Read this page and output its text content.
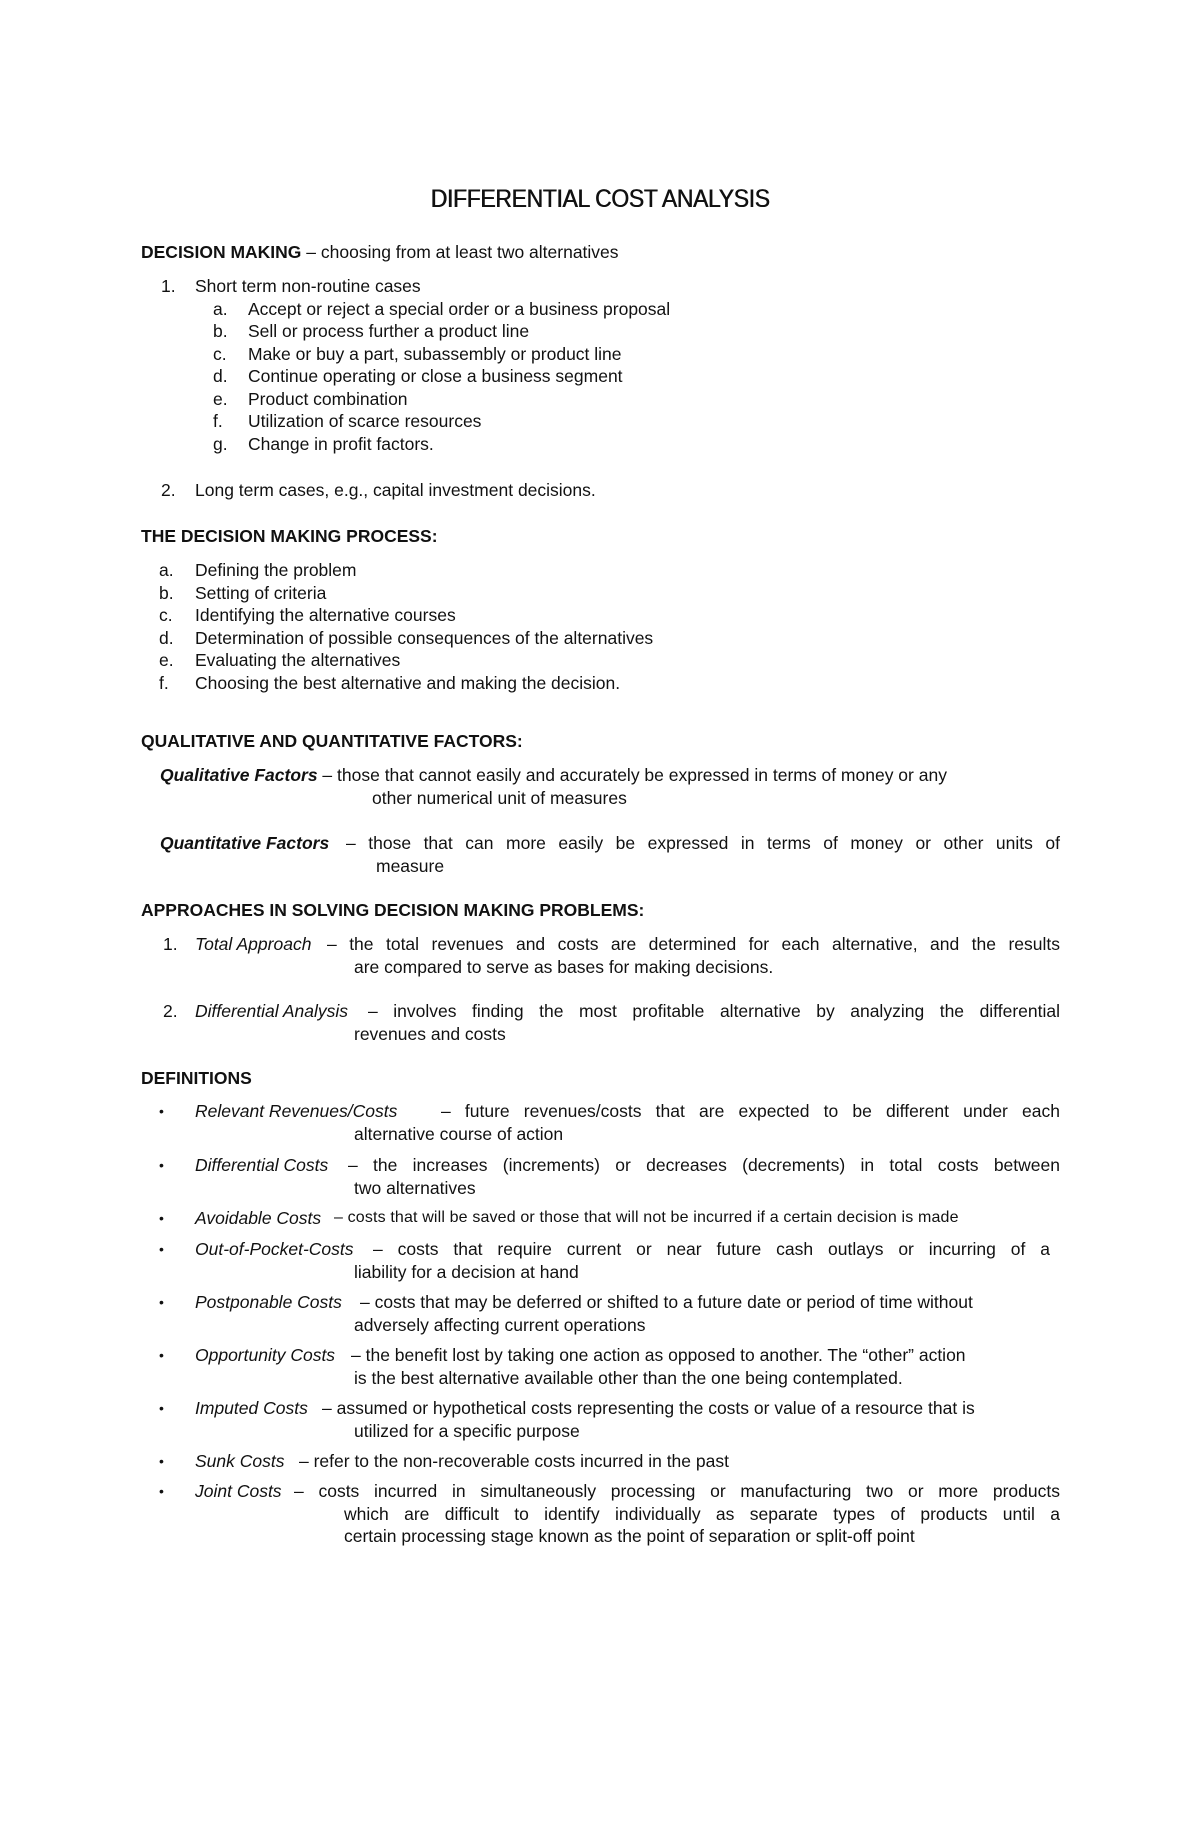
DIFFERENTIAL COST ANALYSIS
DECISION MAKING – choosing from at least two alternatives
1. Short term non-routine cases
a. Accept or reject a special order or a business proposal
b. Sell or process further a product line
c. Make or buy a part, subassembly or product line
d. Continue operating or close a business segment
e. Product combination
f. Utilization of scarce resources
g. Change in profit factors.
2. Long term cases, e.g., capital investment decisions.
THE DECISION MAKING PROCESS:
a. Defining the problem
b. Setting of criteria
c. Identifying the alternative courses
d. Determination of possible consequences of the alternatives
e. Evaluating the alternatives
f. Choosing the best alternative and making the decision.
QUALITATIVE AND QUANTITATIVE FACTORS:
Qualitative Factors – those that cannot easily and accurately be expressed in terms of money or any
other numerical unit of measures
Quantitative Factors – those that can more easily be expressed in terms of money or other units of
measure
APPROACHES IN SOLVING DECISION MAKING PROBLEMS:
1. Total Approach – the total revenues and costs are determined for each alternative, and the results
are compared to serve as bases for making decisions.
2. Differential Analysis – involves finding the most profitable alternative by analyzing the differential
revenues and costs
DEFINITIONS
• Relevant Revenues/Costs – future revenues/costs that are expected to be different under each
alternative course of action
• Differential Costs – the increases (increments) or decreases (decrements) in total costs between
two alternatives
• Avoidable Costs – costs that will be saved or those that will not be incurred if a certain decision is made
• Out-of-Pocket-Costs – costs that require current or near future cash outlays or incurring of a
liability for a decision at hand
• Postponable Costs – costs that may be deferred or shifted to a future date or period of time without
adversely affecting current operations
• Opportunity Costs – the benefit lost by taking one action as opposed to another. The “other” action
is the best alternative available other than the one being contemplated.
• Imputed Costs – assumed or hypothetical costs representing the costs or value of a resource that is
utilized for a specific purpose
• Sunk Costs – refer to the non-recoverable costs incurred in the past
• Joint Costs – costs incurred in simultaneously processing or manufacturing two or more products
which are difficult to identify individually as separate types of products until a
certain processing stage known as the point of separation or split-off point
